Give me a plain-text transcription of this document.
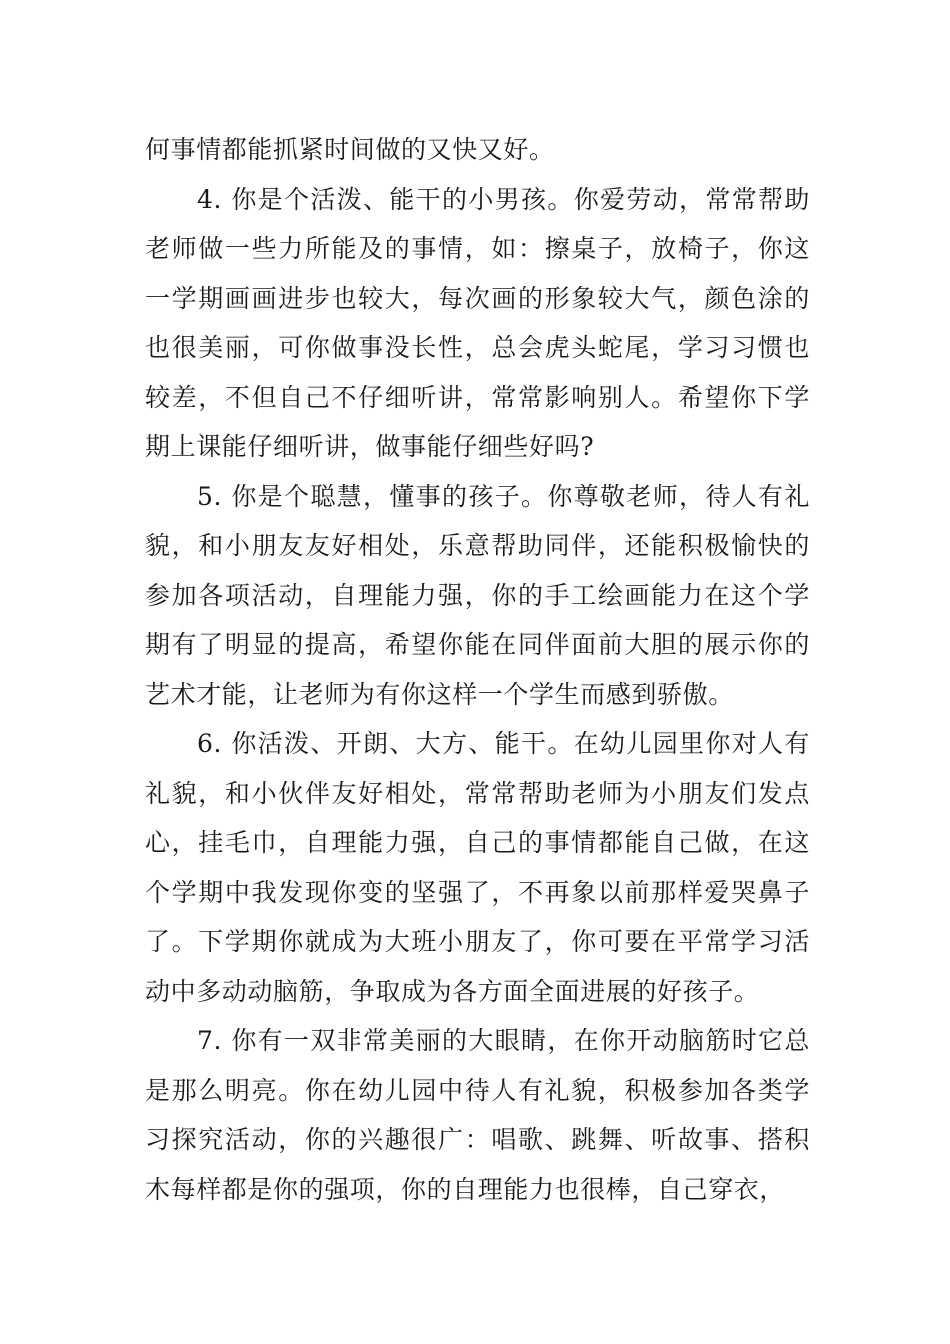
何事情都能抓紧时间做的又快又好。

4. 你是个活泼、能干的小男孩。你爱劳动，常常帮助老师做一些力所能及的事情，如：擦桌子，放椅子，你这一学期画画进步也较大，每次画的形象较大气，颜色涂的也很美丽，可你做事没长性，总会虎头蛇尾，学习习惯也较差，不但自己不仔细听讲，常常影响别人。希望你下学期上课能仔细听讲，做事能仔细些好吗?

5. 你是个聪慧，懂事的孩子。你尊敬老师，待人有礼貌，和小朋友友好相处，乐意帮助同伴，还能积极愉快的参加各项活动，自理能力强，你的手工绘画能力在这个学期有了明显的提高，希望你能在同伴面前大胆的展示你的艺术才能，让老师为有你这样一个学生而感到骄傲。

6. 你活泼、开朗、大方、能干。在幼儿园里你对人有礼貌，和小伙伴友好相处，常常帮助老师为小朋友们发点心，挂毛巾，自理能力强，自己的事情都能自己做，在这个学期中我发现你变的坚强了，不再象以前那样爱哭鼻子了。下学期你就成为大班小朋友了，你可要在平常学习活动中多动动脑筋，争取成为各方面全面进展的好孩子。

7. 你有一双非常美丽的大眼睛，在你开动脑筋时它总是那么明亮。你在幼儿园中待人有礼貌，积极参加各类学习探究活动，你的兴趣很广：唱歌、跳舞、听故事、搭积木每样都是你的强项，你的自理能力也很棒，自己穿衣，
